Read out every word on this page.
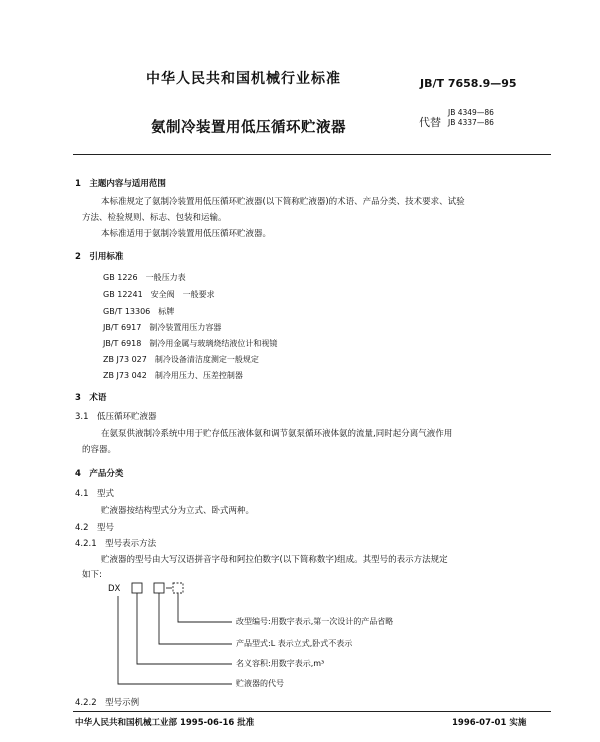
中华人民共和国机械行业标准	JB/T 7658.9—95
氨制冷装置用低压循环贮液器	代替
JB 4349—86
JB 4337—86
1　主题内容与适用范围
本标准规定了氨制冷装置用低压循环贮液器(以下简称贮液器)的术语、产品分类、技术要求、试验
方法、检验规则、标志、包装和运输。
本标准适用于氨制冷装置用低压循环贮液器。
2　引用标准
GB 1226　一般压力表
GB 12241　安全阀　一般要求
GB/T 13306　标牌
JB/T 6917　制冷装置用压力容器
JB/T 6918　制冷用金属与玻璃烧结液位计和视镜
ZB J73 027　制冷设备清洁度测定一般规定
ZB J73 042　制冷用压力、压差控制器
3　术语
3.1　低压循环贮液器
在氨泵供液制冷系统中用于贮存低压液体氨和调节氨泵循环液体氨的流量,同时起分离气液作用
的容器。
4　产品分类
4.1　型式
贮液器按结构型式分为立式、卧式两种。
4.2　型号
4.2.1　型号表示方法
贮液器的型号由大写汉语拼音字母和阿拉伯数字(以下简称数字)组成。其型号的表示方法规定
如下:
DX
改型编号:用数字表示,第一次设计的产品省略
产品型式:L 表示立式,卧式不表示
名义容积:用数字表示,m³
贮液器的代号
4.2.2　型号示例
中华人民共和国机械工业部 1995-06-16 批准	1996-07-01 实施
